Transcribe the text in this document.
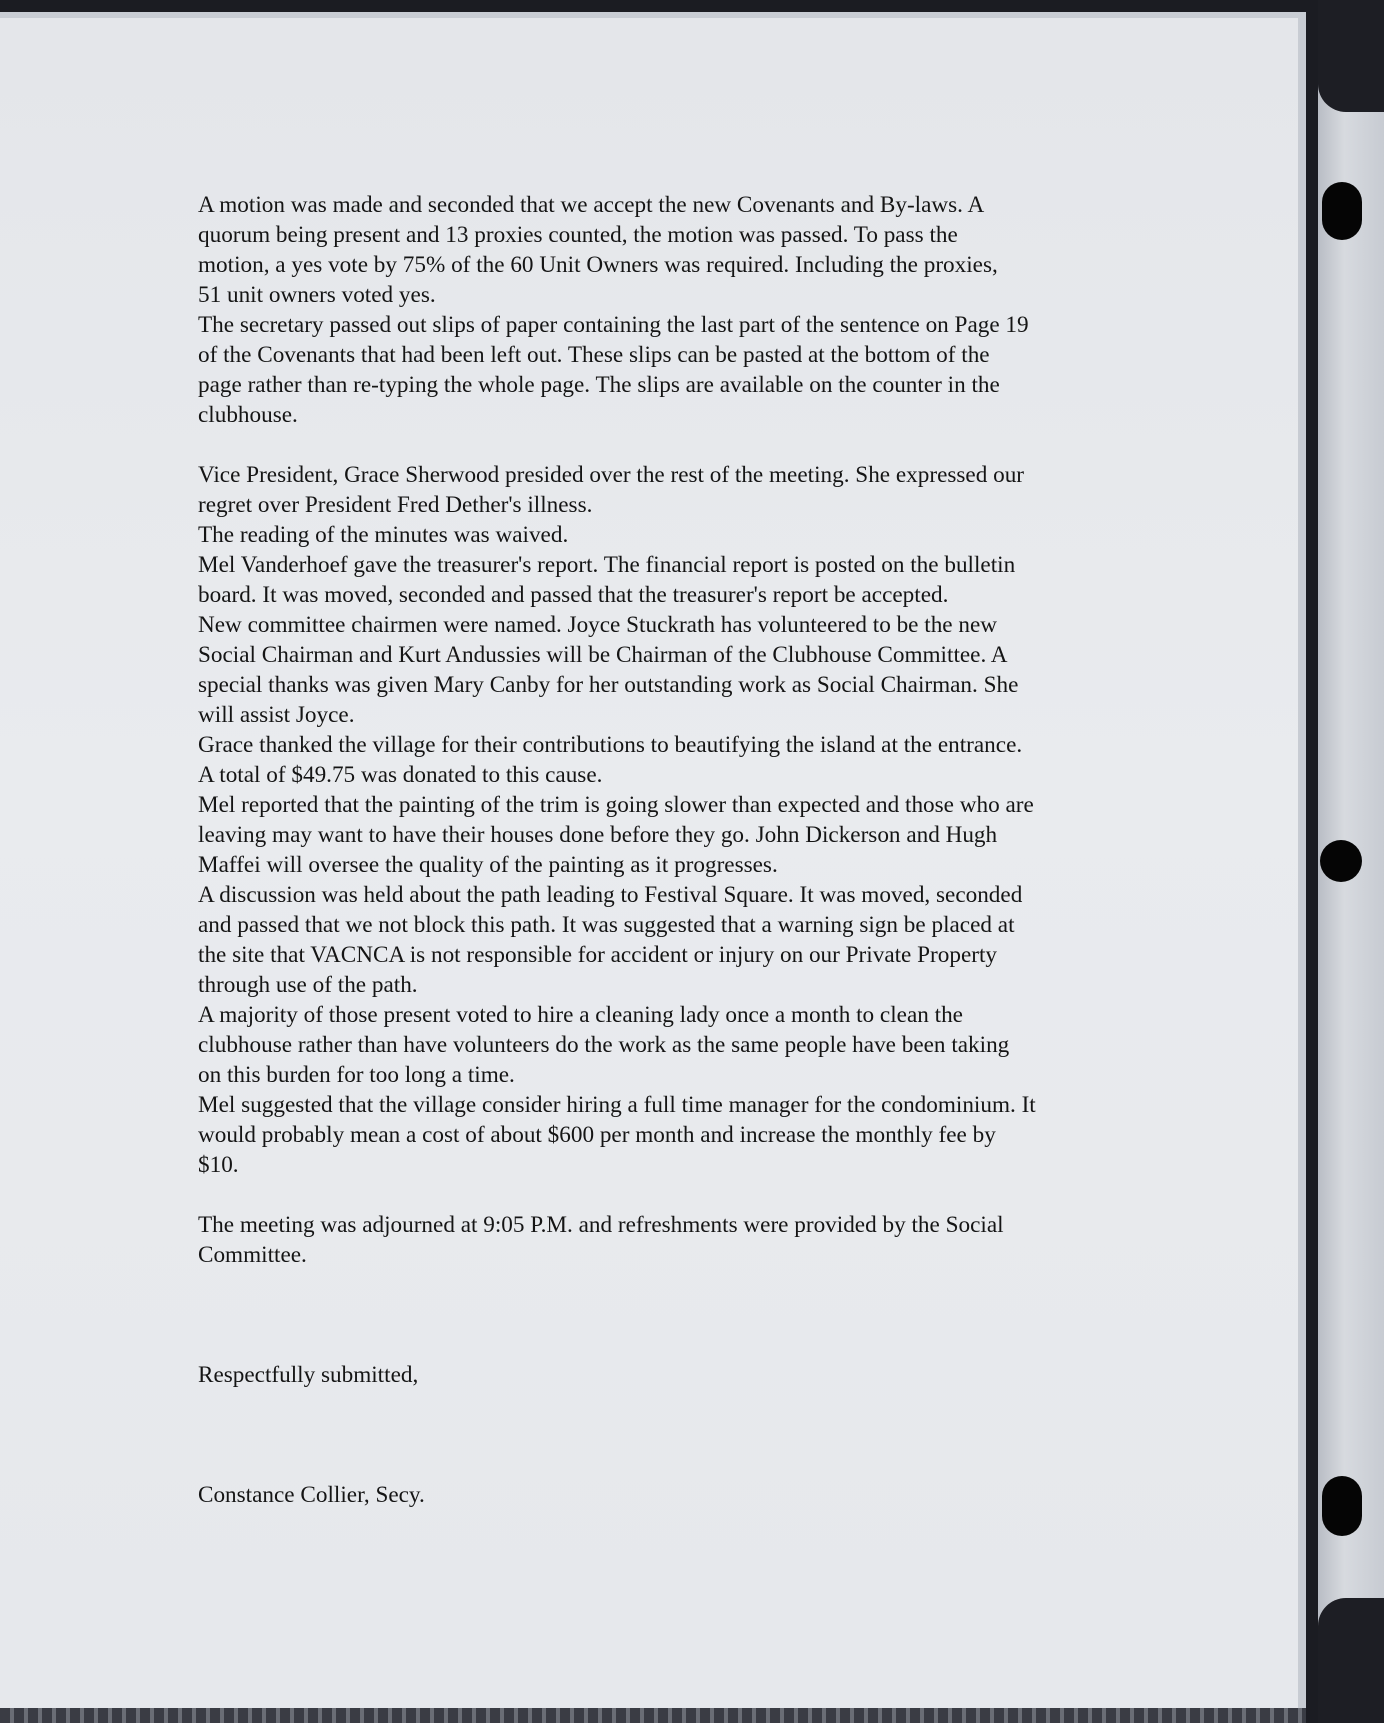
A motion was made and seconded that we accept the new Covenants and By-laws. A
quorum being present and 13 proxies counted, the motion was passed. To pass the
motion, a yes vote by 75% of the 60 Unit Owners was required. Including the proxies,
51 unit owners voted yes.

The secretary passed out slips of paper containing the last part of the sentence on Page 19
of the Covenants that had been left out. These slips can be pasted at the bottom of the
page rather than re-typing the whole page. The slips are available on the counter in the
clubhouse.

Vice President, Grace Sherwood presided over the rest of the meeting. She expressed our
regret over President Fred Dether's illness.

The reading of the minutes was waived.

Mel Vanderhoef gave the treasurer's report. The financial report is posted on the bulletin
board. It was moved, seconded and passed that the treasurer's report be accepted.

New committee chairmen were named. Joyce Stuckrath has volunteered to be the new
Social Chairman and Kurt Andussies will be Chairman of the Clubhouse Committee. A
special thanks was given Mary Canby for her outstanding work as Social Chairman. She
will assist Joyce.

Grace thanked the village for their contributions to beautifying the island at the entrance.
A total of $49.75 was donated to this cause.

Mel reported that the painting of the trim is going slower than expected and those who are
leaving may want to have their houses done before they go. John Dickerson and Hugh
Maffei will oversee the quality of the painting as it progresses.

A discussion was held about the path leading to Festival Square. It was moved, seconded
and passed that we not block this path. It was suggested that a warning sign be placed at
the site that VACNCA is not responsible for accident or injury on our Private Property
through use of the path.

A majority of those present voted to hire a cleaning lady once a month to clean the
clubhouse rather than have volunteers do the work as the same people have been taking
on this burden for too long a time.

Mel suggested that the village consider hiring a full time manager for the condominium. It
would probably mean a cost of about $600 per month and increase the monthly fee by
$10.

The meeting was adjourned at 9:05 P.M. and refreshments were provided by the Social
Committee.

Respectfully submitted,

Constance Collier, Secy.
